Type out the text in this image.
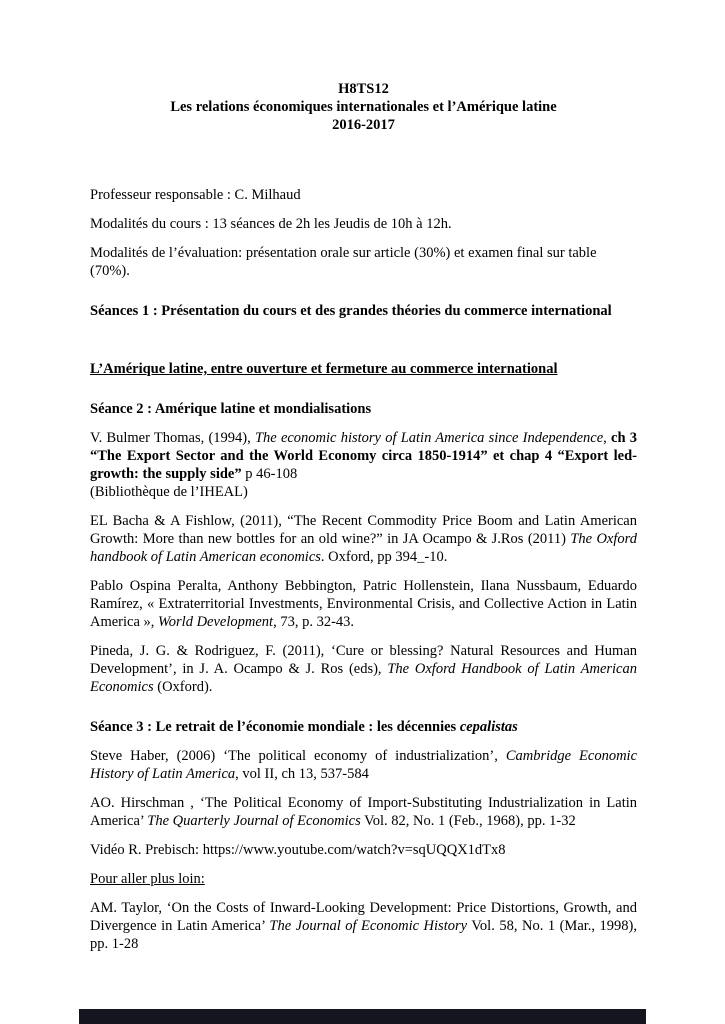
H8TS12

Les relations économiques internationales et l’Amérique latine

2016-2017

Professeur responsable : C. Milhaud

Modalités du cours : 13 séances de 2h les Jeudis de 10h à 12h.

Modalités de l’évaluation: présentation orale sur article (30%) et examen final sur table (70%).

Séances 1 : Présentation du cours et des grandes théories du commerce international

L’Amérique latine, entre ouverture et fermeture au commerce international

Séance 2 : Amérique latine et mondialisations

V. Bulmer Thomas, (1994), The economic history of Latin America since Independence, ch 3 “The Export Sector and the World Economy circa 1850-1914” et chap 4 “Export led-growth: the supply side” p 46-108
(Bibliothèque de l’IHEAL)

EL Bacha & A Fishlow, (2011), “The Recent Commodity Price Boom and Latin American Growth: More than new bottles for an old wine?” in JA Ocampo & J.Ros (2011) The Oxford handbook of Latin American economics. Oxford, pp 394_-10.

Pablo Ospina Peralta, Anthony Bebbington, Patric Hollenstein, Ilana Nussbaum, Eduardo Ramírez, « Extraterritorial Investments, Environmental Crisis, and Collective Action in Latin America », World Development, 73, p. 32-43.

Pineda, J. G. & Rodriguez, F. (2011), ‘Cure or blessing? Natural Resources and Human Development’, in J. A. Ocampo & J. Ros (eds), The Oxford Handbook of Latin American Economics (Oxford).

Séance 3 : Le retrait de l’économie mondiale : les décennies cepalistas

Steve Haber, (2006) ‘The political economy of industrialization’, Cambridge Economic History of Latin America, vol II, ch 13, 537-584

AO. Hirschman , ‘The Political Economy of Import-Substituting Industrialization in Latin America’ The Quarterly Journal of Economics Vol. 82, No. 1 (Feb., 1968), pp. 1-32

Vidéo R. Prebisch: https://www.youtube.com/watch?v=sqUQQX1dTx8

Pour aller plus loin:

AM. Taylor, ‘On the Costs of Inward-Looking Development: Price Distortions, Growth, and Divergence in Latin America’ The Journal of Economic History Vol. 58, No. 1 (Mar., 1998), pp. 1-28
